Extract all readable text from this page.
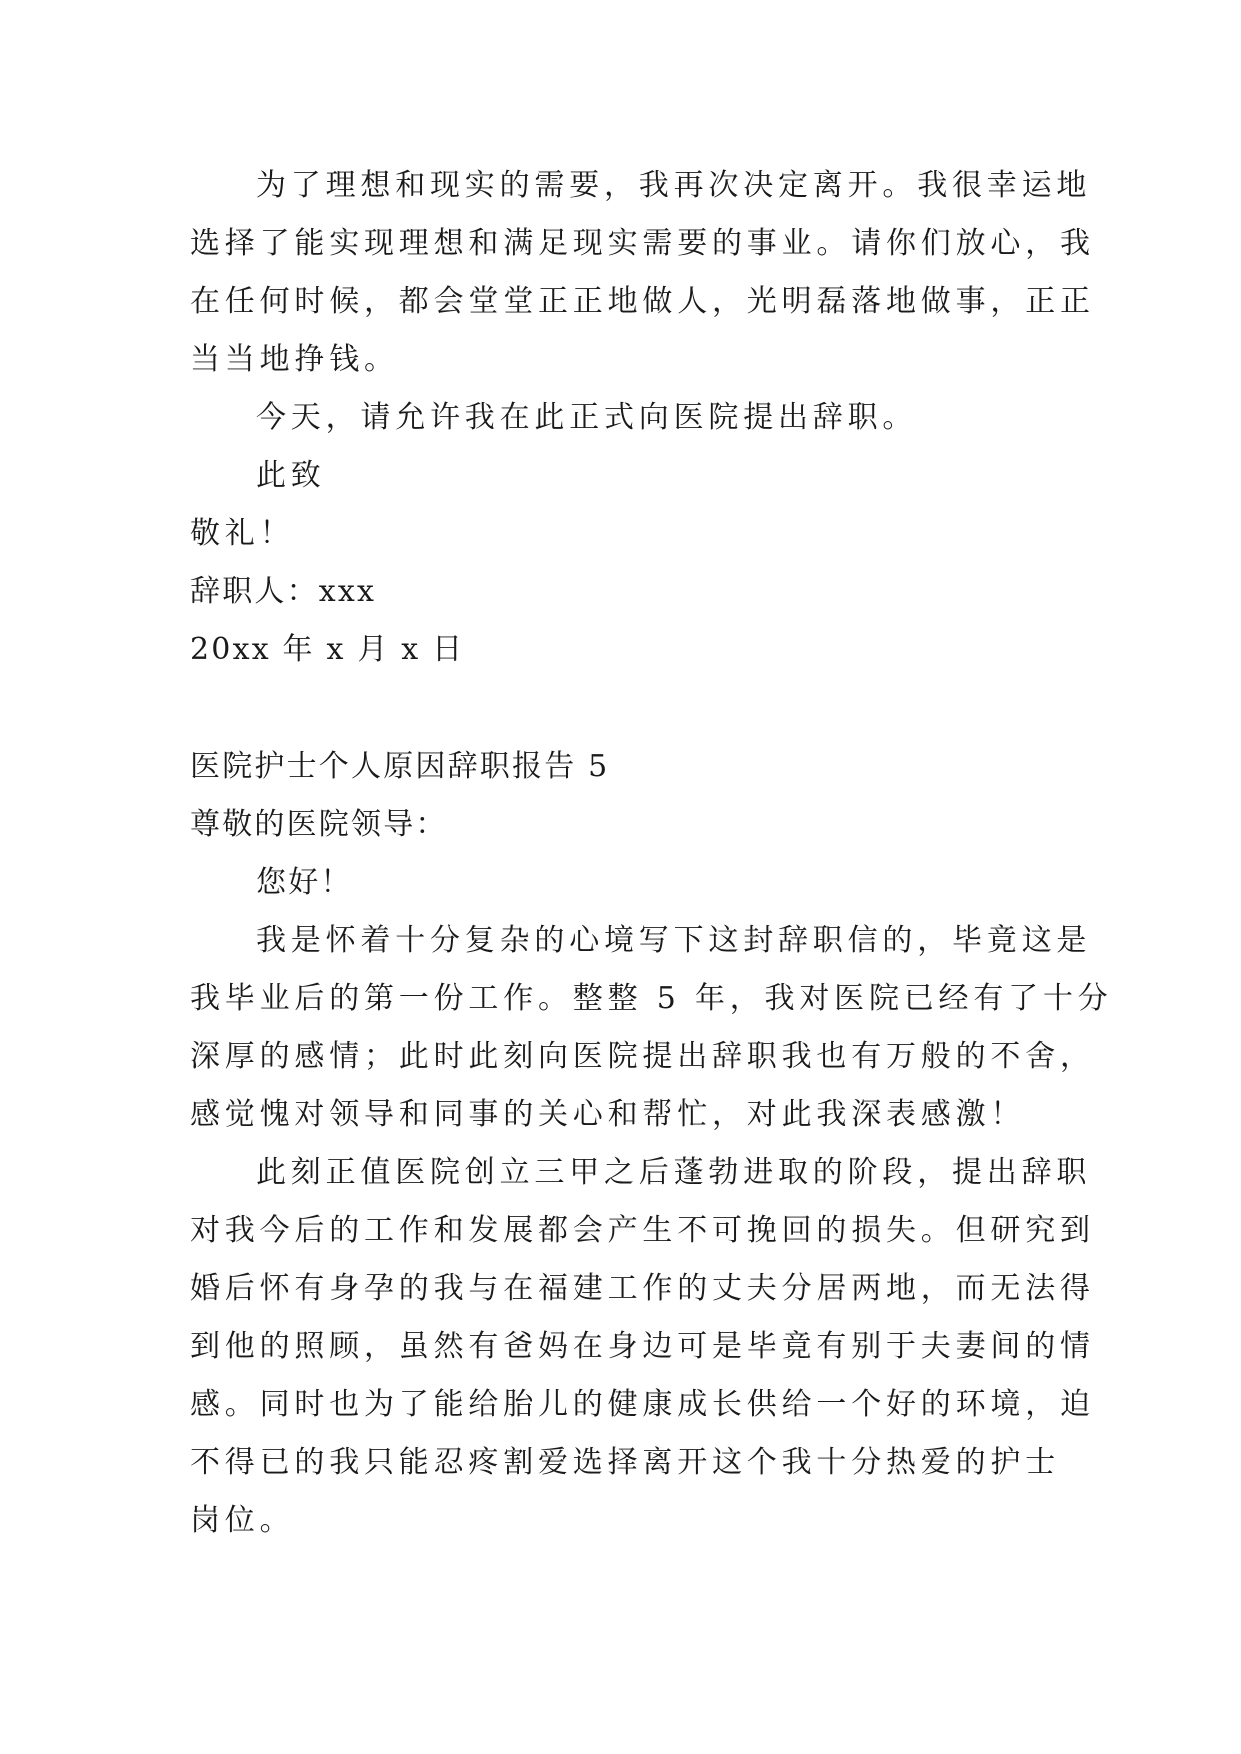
为了理想和现实的需要，我再次决定离开。我很幸运地
选择了能实现理想和满足现实需要的事业。请你们放心，我
在任何时候，都会堂堂正正地做人，光明磊落地做事，正正
当当地挣钱。
今天，请允许我在此正式向医院提出辞职。
此致
敬礼！
辞职人：xxx
20xx 年 x 月 x 日
医院护士个人原因辞职报告 5
尊敬的医院领导：
您好！
我是怀着十分复杂的心境写下这封辞职信的，毕竟这是
我毕业后的第一份工作。整整 5 年，我对医院已经有了十分
深厚的感情；此时此刻向医院提出辞职我也有万般的不舍，
感觉愧对领导和同事的关心和帮忙，对此我深表感激！
此刻正值医院创立三甲之后蓬勃进取的阶段，提出辞职
对我今后的工作和发展都会产生不可挽回的损失。但研究到
婚后怀有身孕的我与在福建工作的丈夫分居两地，而无法得
到他的照顾，虽然有爸妈在身边可是毕竟有别于夫妻间的情
感。同时也为了能给胎儿的健康成长供给一个好的环境，迫
不得已的我只能忍疼割爱选择离开这个我十分热爱的护士
岗位。
